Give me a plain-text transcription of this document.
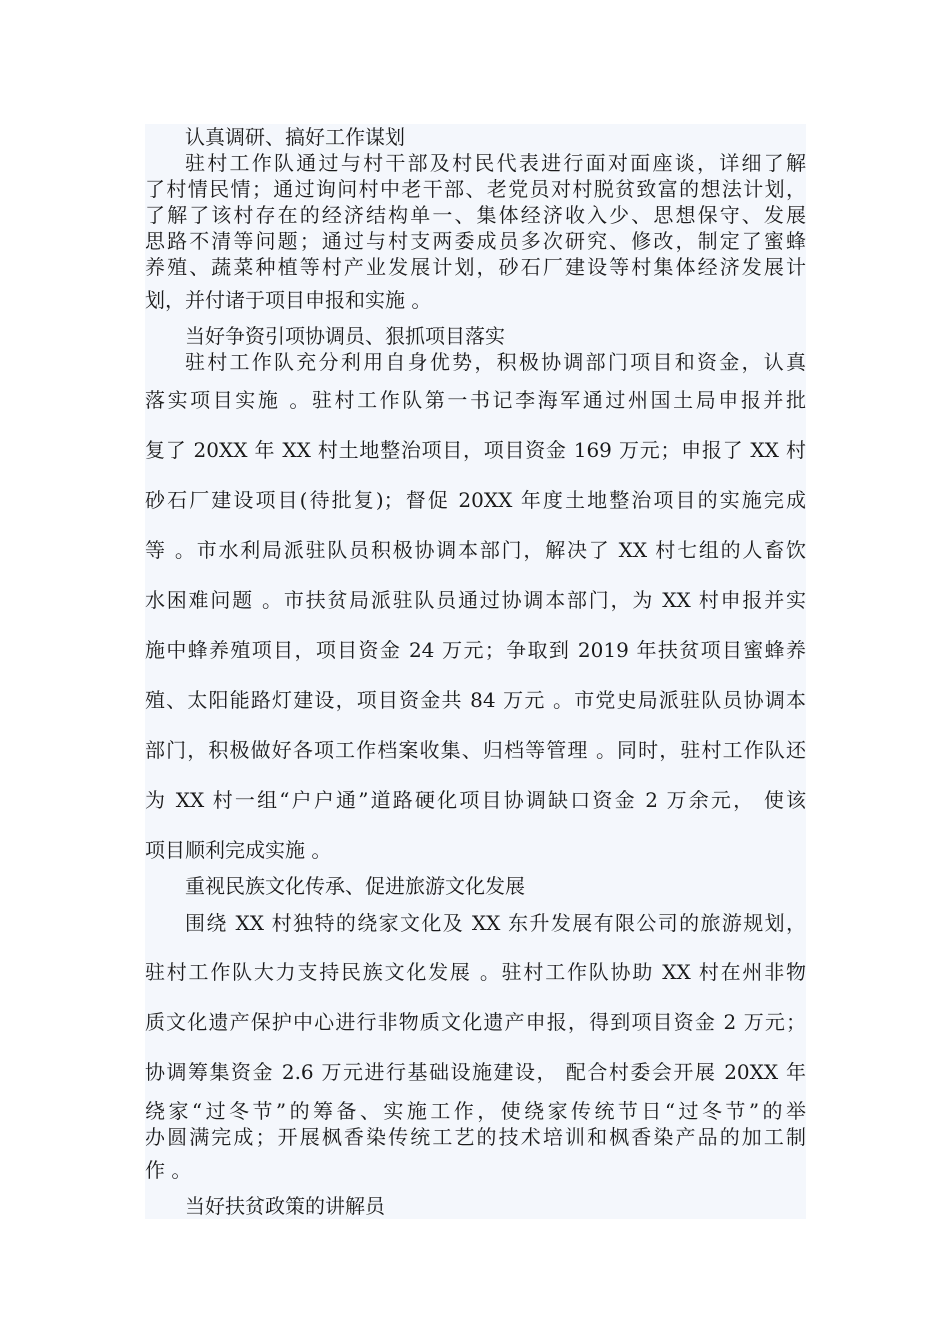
认真调研、搞好工作谋划
驻村工作队通过与村干部及村民代表进行面对面座谈，详细了解
了村情民情；通过询问村中老干部、老党员对村脱贫致富的想法计划，
了解了该村存在的经济结构单一、集体经济收入少、思想保守、发展
思路不清等问题；通过与村支两委成员多次研究、修改，制定了蜜蜂
养殖、蔬菜种植等村产业发展计划，砂石厂建设等村集体经济发展计
划，并付诸于项目申报和实施 。
当好争资引项协调员、狠抓项目落实
驻村工作队充分利用自身优势，积极协调部门项目和资金，认真
落实项目实施 。驻村工作队第一书记李海军通过州国土局申报并批
复了 20XX 年 XX 村土地整治项目，项目资金 169 万元；申报了 XX 村
砂石厂建设项目(待批复)；督促 20XX 年度土地整治项目的实施完成
等 。市水利局派驻队员积极协调本部门，解决了 XX 村七组的人畜饮
水困难问题 。市扶贫局派驻队员通过协调本部门，为 XX 村申报并实
施中蜂养殖项目，项目资金 24 万元；争取到 2019 年扶贫项目蜜蜂养
殖、太阳能路灯建设，项目资金共 84 万元 。市党史局派驻队员协调本
部门，积极做好各项工作档案收集、归档等管理 。同时，驻村工作队还
为 XX 村一组“户户通”道路硬化项目协调缺口资金 2 万余元， 使该
项目顺利完成实施 。
重视民族文化传承、促进旅游文化发展
围绕 XX 村独特的绕家文化及 XX 东升发展有限公司的旅游规划，
驻村工作队大力支持民族文化发展 。驻村工作队协助 XX 村在州非物
质文化遗产保护中心进行非物质文化遗产申报，得到项目资金 2 万元；
协调筹集资金 2.6 万元进行基础设施建设， 配合村委会开展 20XX 年
绕家“过冬节”的筹备、实施工作，使绕家传统节日“过冬节”的举
办圆满完成；开展枫香染传统工艺的技术培训和枫香染产品的加工制
作 。
当好扶贫政策的讲解员
